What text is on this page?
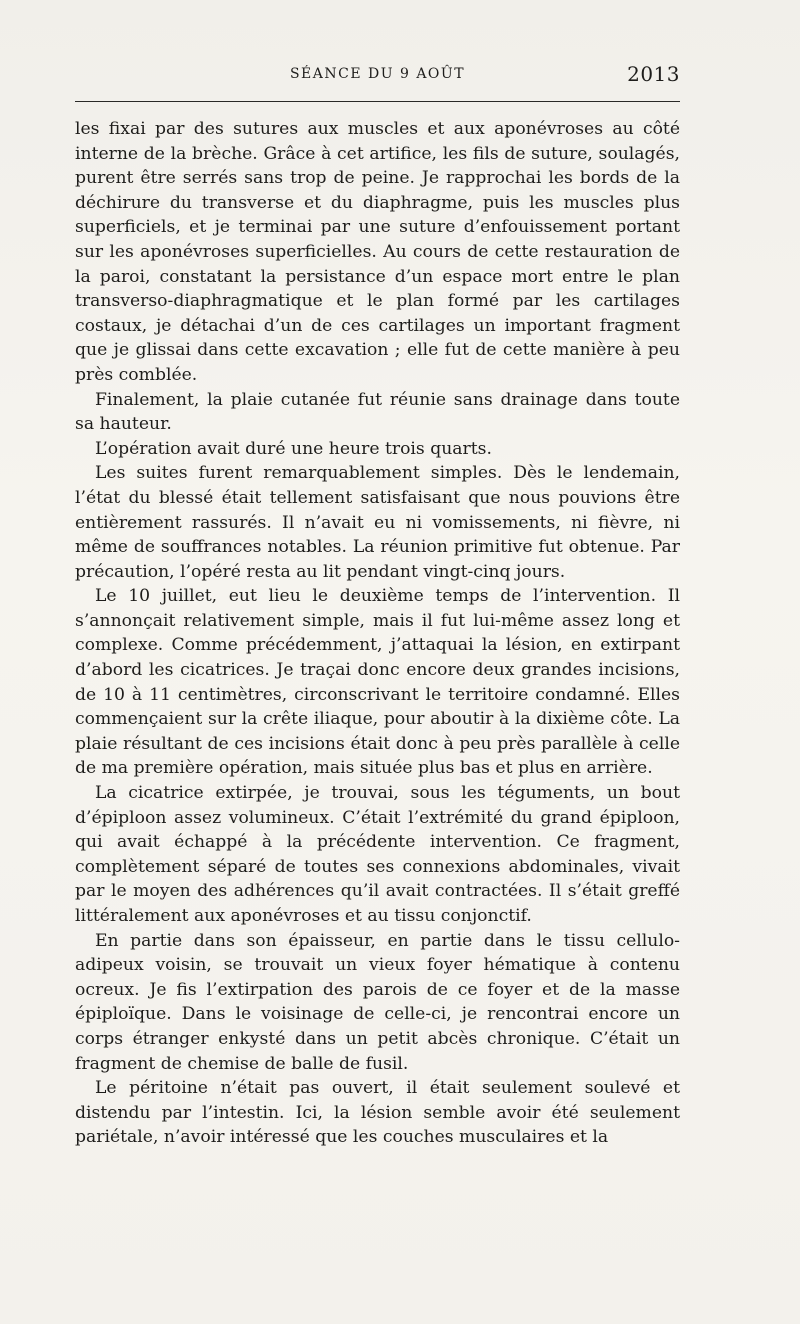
SÉANCE DU 9 AOÛT	2013

les fixai par des sutures aux muscles et aux aponévroses au côté interne de la brèche. Grâce à cet artifice, les fils de suture, soulagés, purent être serrés sans trop de peine. Je rapprochai les bords de la déchirure du transverse et du diaphragme, puis les muscles plus superficiels, et je terminai par une suture d’enfouissement portant sur les aponévroses superficielles. Au cours de cette restauration de la paroi, constatant la persistance d’un espace mort entre le plan transverso-diaphragmatique et le plan formé par les cartilages costaux, je détachai d’un de ces cartilages un important fragment que je glissai dans cette excavation ; elle fut de cette manière à peu près comblée.

Finalement, la plaie cutanée fut réunie sans drainage dans toute sa hauteur.

L’opération avait duré une heure trois quarts.

Les suites furent remarquablement simples. Dès le lendemain, l’état du blessé était tellement satisfaisant que nous pouvions être entièrement rassurés. Il n’avait eu ni vomissements, ni fièvre, ni même de souffrances notables. La réunion primitive fut obtenue. Par précaution, l’opéré resta au lit pendant vingt-cinq jours.

Le 10 juillet, eut lieu le deuxième temps de l’intervention. Il s’annonçait relativement simple, mais il fut lui-même assez long et complexe. Comme précédemment, j’attaquai la lésion, en extirpant d’abord les cicatrices. Je traçai donc encore deux grandes incisions, de 10 à 11 centimètres, circonscrivant le territoire condamné. Elles commençaient sur la crête iliaque, pour aboutir à la dixième côte. La plaie résultant de ces incisions était donc à peu près parallèle à celle de ma première opération, mais située plus bas et plus en arrière.

La cicatrice extirpée, je trouvai, sous les téguments, un bout d’épiploon assez volumineux. C’était l’extrémité du grand épiploon, qui avait échappé à la précédente intervention. Ce fragment, complètement séparé de toutes ses connexions abdominales, vivait par le moyen des adhérences qu’il avait contractées. Il s’était greffé littéralement aux aponévroses et au tissu conjonctif.

En partie dans son épaisseur, en partie dans le tissu cellulo-adipeux voisin, se trouvait un vieux foyer hématique à contenu ocreux. Je fis l’extirpation des parois de ce foyer et de la masse épiploïque. Dans le voisinage de celle-ci, je rencontrai encore un corps étranger enkysté dans un petit abcès chronique. C’était un fragment de chemise de balle de fusil.

Le péritoine n’était pas ouvert, il était seulement soulevé et distendu par l’intestin. Ici, la lésion semble avoir été seulement pariétale, n’avoir intéressé que les couches musculaires et la
